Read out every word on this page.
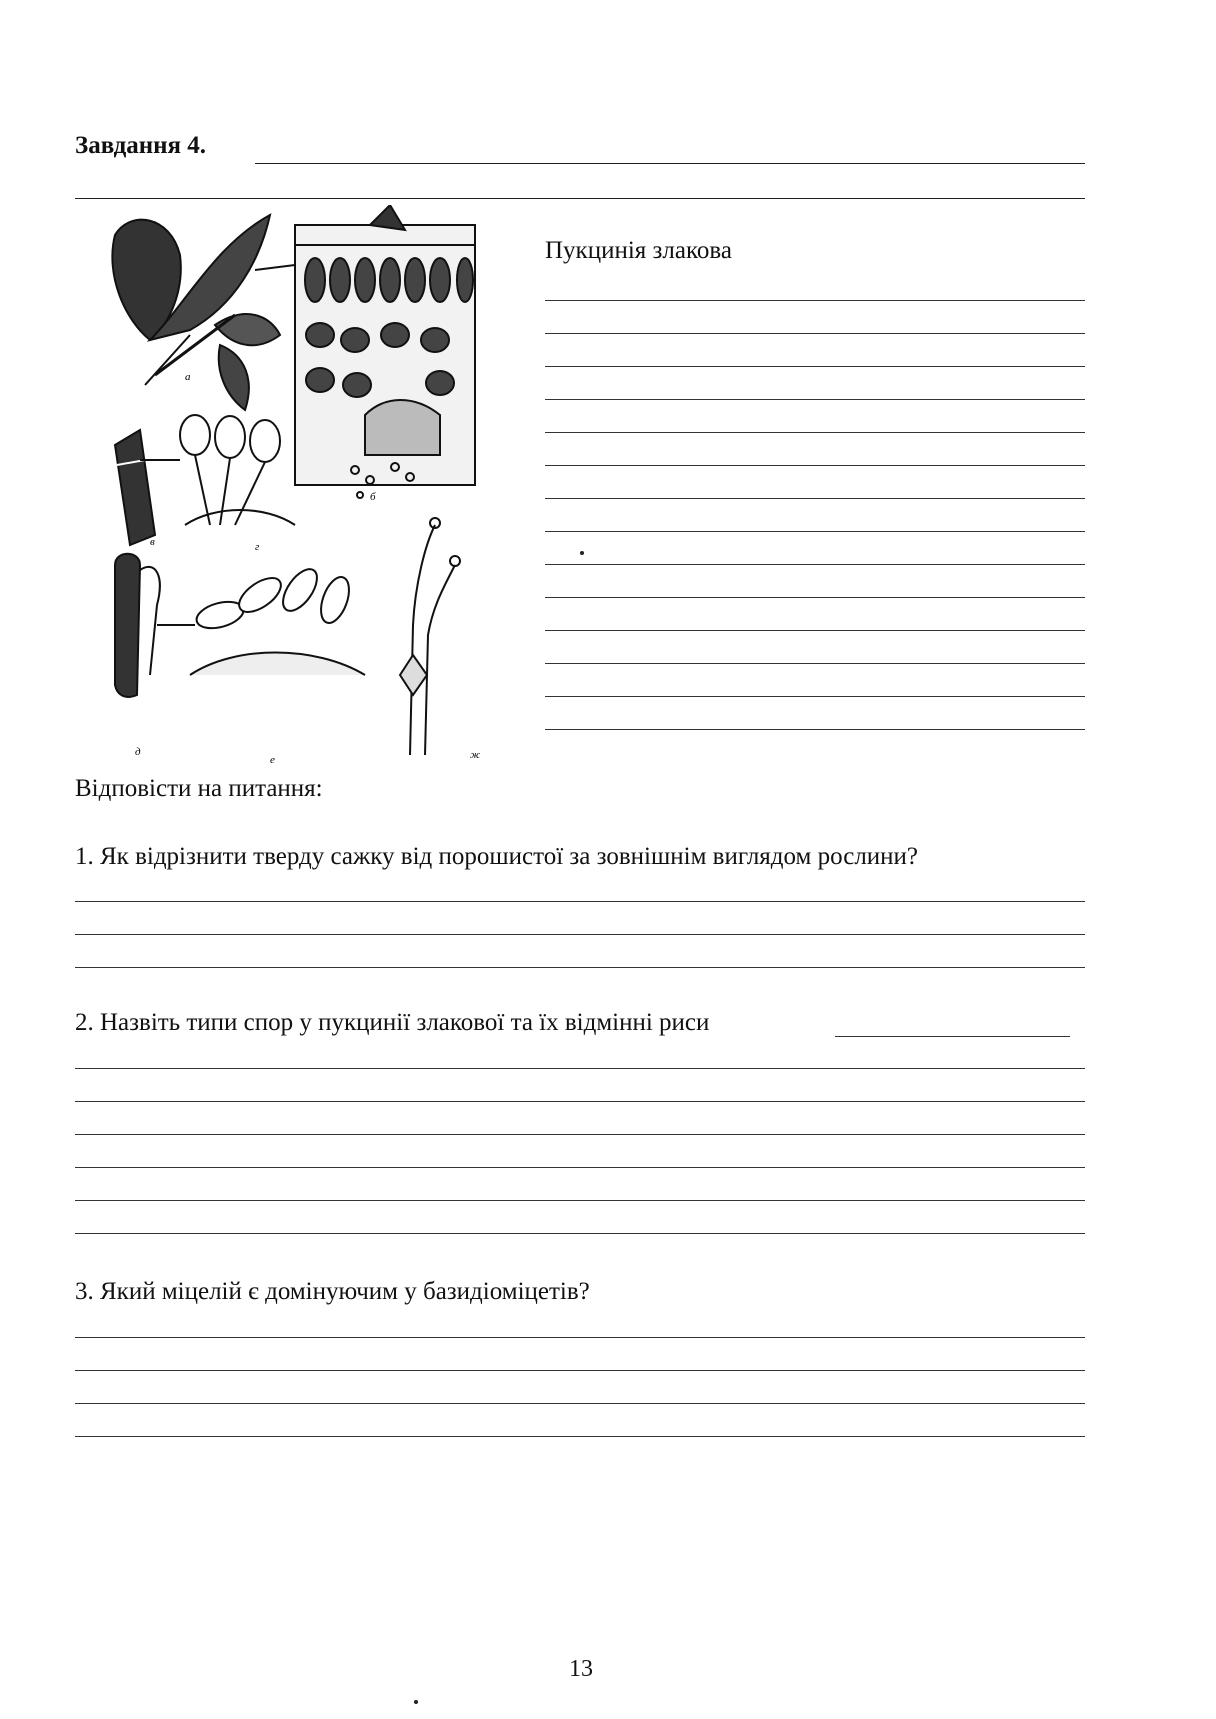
Завдання 4.
а
б
в	г
д
е	ж
Пукцинія злакова
Відповісти на питання:
1. Як відрізнити тверду сажку від порошистої за зовнішнім виглядом рослини?
2. Назвіть типи спор у пукцинії злакової та їх відмінні риси
3. Який міцелій є домінуючим у базидіоміцетів?
13
